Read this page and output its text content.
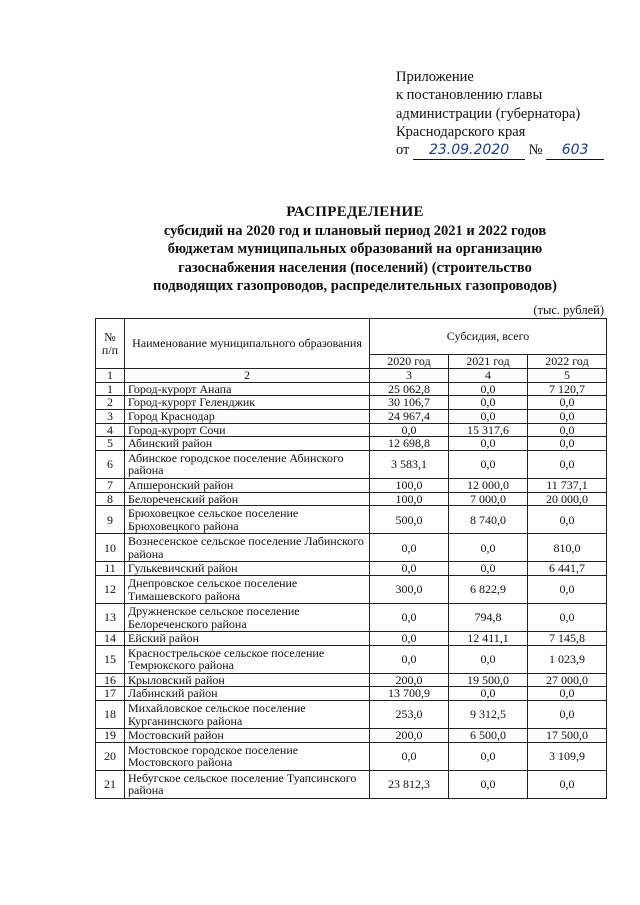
Приложение
к постановлению главы
администрации (губернатора)
Краснодарского края
от 23.09.2020 № 603
РАСПРЕДЕЛЕНИЕ
субсидий на 2020 год и плановый период 2021 и 2022 годов
бюджетам муниципальных образований на организацию
газоснабжения населения (поселений) (строительство
подводящих газопроводов, распределительных газопроводов)
(тыс. рублей)
№ п/п	Наименование муниципального образования	Субсидия, всего		
		2020 год	2021 год	2022 год
1	2	3	4	5
1	Город-курорт Анапа	25 062,8	0,0	7 120,7
2	Город-курорт Геленджик	30 106,7	0,0	0,0
3	Город Краснодар	24 967,4	0,0	0,0
4	Город-курорт Сочи	0,0	15 317,6	0,0
5	Абинский район	12 698,8	0,0	0,0
6	Абинское городское поселение Абинского района	3 583,1	0,0	0,0
7	Апшеронский район	100,0	12 000,0	11 737,1
8	Белореченский район	100,0	7 000,0	20 000,0
9	Брюховецкое сельское поселение Брюховецкого района	500,0	8 740,0	0,0
10	Вознесенское сельское поселение Лабинского района	0,0	0,0	810,0
11	Гулькевичский район	0,0	0,0	6 441,7
12	Днепровское сельское поселение Тимашевского района	300,0	6 822,9	0,0
13	Дружненское сельское поселение Белореченского района	0,0	794,8	0,0
14	Ейский район	0,0	12 411,1	7 145,8
15	Краснострельское сельское поселение Темрюкского района	0,0	0,0	1 023,9
16	Крыловский район	200,0	19 500,0	27 000,0
17	Лабинский район	13 700,9	0,0	0,0
18	Михайловское сельское поселение Курганинского района	253,0	9 312,5	0,0
19	Мостовский район	200,0	6 500,0	17 500,0
20	Мостовское городское поселение Мостовского района	0,0	0,0	3 109,9
21	Небугское сельское поселение Туапсинского района	23 812,3	0,0	0,0
